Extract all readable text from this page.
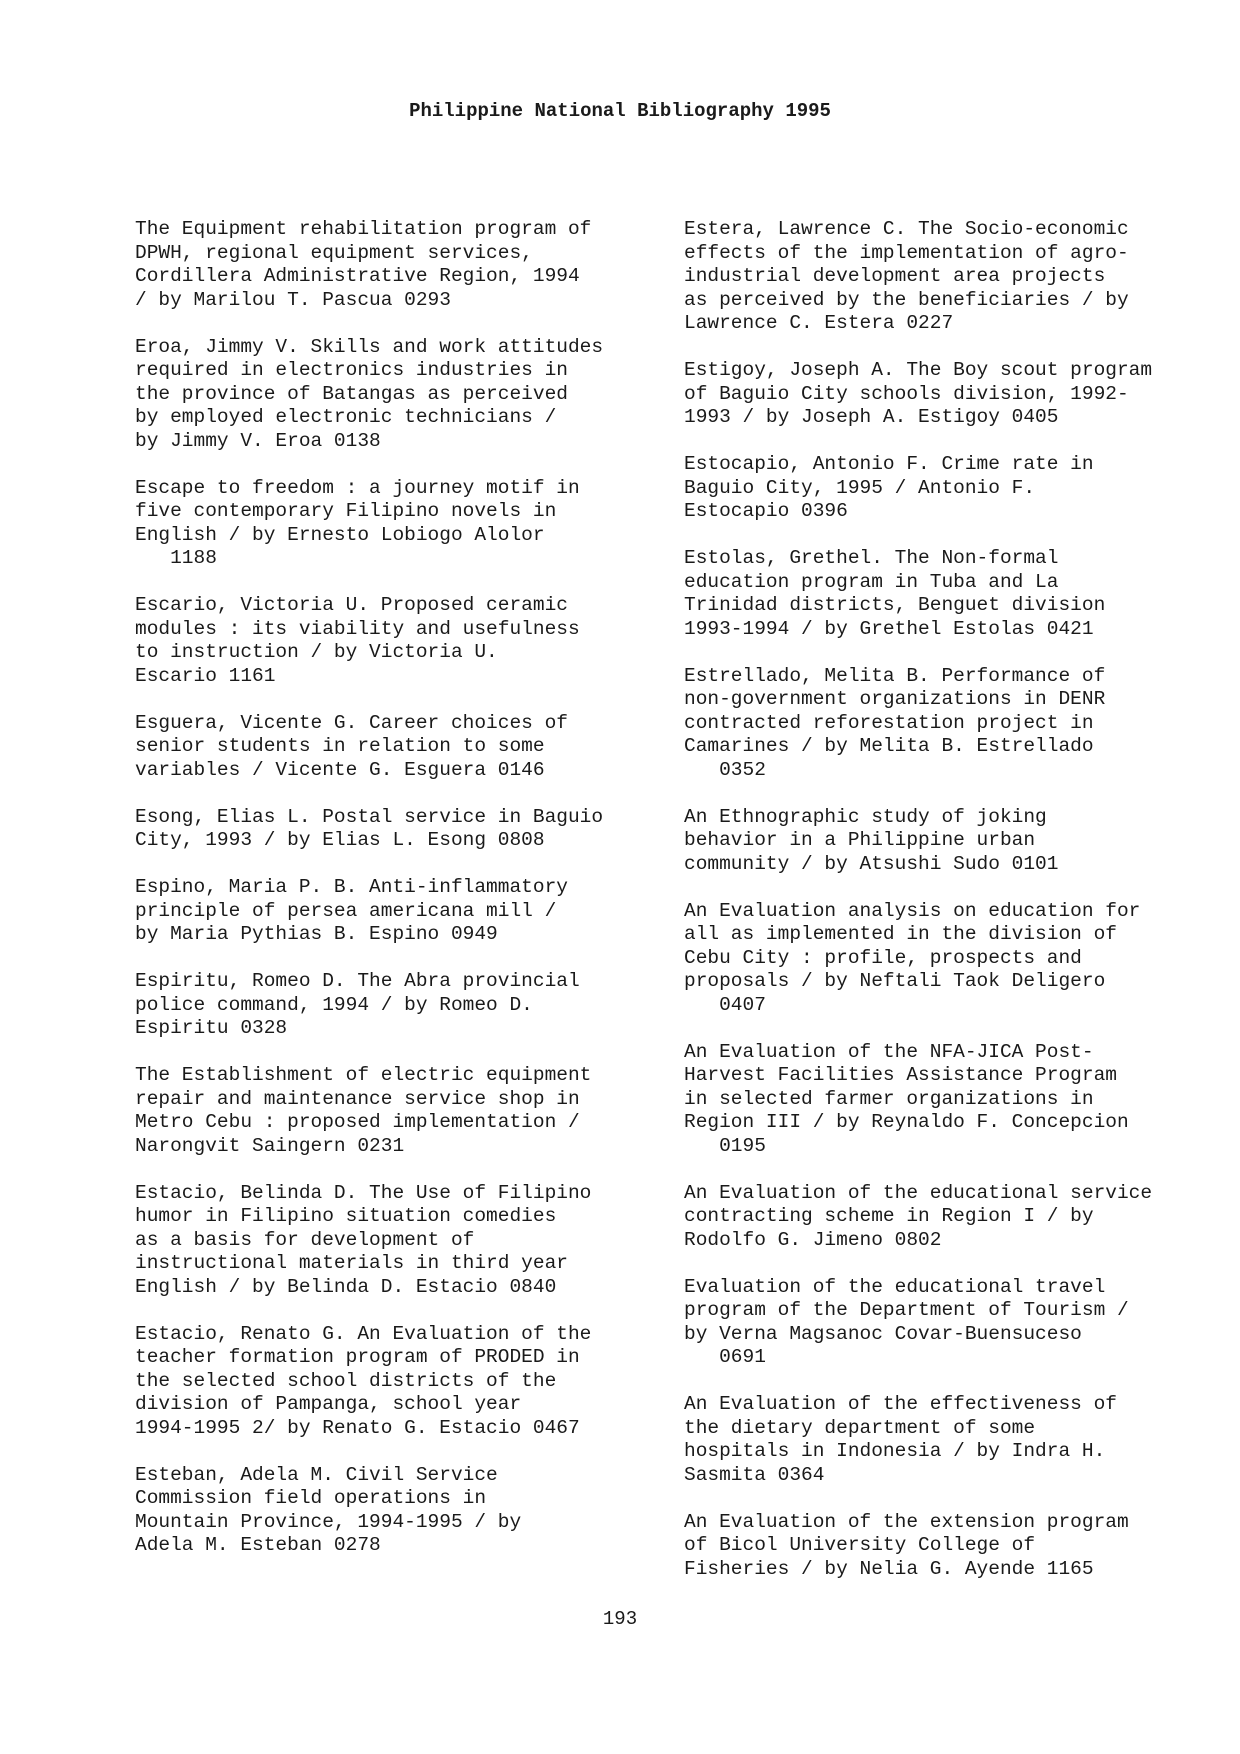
Philippine National Bibliography 1995
The Equipment rehabilitation program of
DPWH, regional equipment services,
Cordillera Administrative Region, 1994
/ by Marilou T. Pascua 0293
Eroa, Jimmy V. Skills and work attitudes
required in electronics industries in
the province of Batangas as perceived
by employed electronic technicians /
by Jimmy V. Eroa 0138
Escape to freedom : a journey motif in
five contemporary Filipino novels in
English / by Ernesto Lobiogo Alolor
1188
Escario, Victoria U. Proposed ceramic
modules : its viability and usefulness
to instruction / by Victoria U.
Escario 1161
Esguera, Vicente G. Career choices of
senior students in relation to some
variables / Vicente G. Esguera 0146
Esong, Elias L. Postal service in Baguio
City, 1993 / by Elias L. Esong 0808
Espino, Maria P. B. Anti-inflammatory
principle of persea americana mill /
by Maria Pythias B. Espino 0949
Espiritu, Romeo D. The Abra provincial
police command, 1994 / by Romeo D.
Espiritu 0328
The Establishment of electric equipment
repair and maintenance service shop in
Metro Cebu : proposed implementation /
Narongvit Saingern 0231
Estacio, Belinda D. The Use of Filipino
humor in Filipino situation comedies
as a basis for development of
instructional materials in third year
English / by Belinda D. Estacio 0840
Estacio, Renato G. An Evaluation of the
teacher formation program of PRODED in
the selected school districts of the
division of Pampanga, school year
1994-1995 2/ by Renato G. Estacio 0467
Esteban, Adela M. Civil Service
Commission field operations in
Mountain Province, 1994-1995 / by
Adela M. Esteban 0278
Estera, Lawrence C. The Socio-economic
effects of the implementation of agro-
industrial development area projects
as perceived by the beneficiaries / by
Lawrence C. Estera 0227
Estigoy, Joseph A. The Boy scout program
of Baguio City schools division, 1992-
1993 / by Joseph A. Estigoy 0405
Estocapio, Antonio F. Crime rate in
Baguio City, 1995 / Antonio F.
Estocapio 0396
Estolas, Grethel. The Non-formal
education program in Tuba and La
Trinidad districts, Benguet division
1993-1994 / by Grethel Estolas 0421
Estrellado, Melita B. Performance of
non-government organizations in DENR
contracted reforestation project in
Camarines / by Melita B. Estrellado
0352
An Ethnographic study of joking
behavior in a Philippine urban
community / by Atsushi Sudo 0101
An Evaluation analysis on education for
all as implemented in the division of
Cebu City : profile, prospects and
proposals / by Neftali Taok Deligero
0407
An Evaluation of the NFA-JICA Post-
Harvest Facilities Assistance Program
in selected farmer organizations in
Region III / by Reynaldo F. Concepcion
0195
An Evaluation of the educational service
contracting scheme in Region I / by
Rodolfo G. Jimeno 0802
Evaluation of the educational travel
program of the Department of Tourism /
by Verna Magsanoc Covar-Buensuceso
0691
An Evaluation of the effectiveness of
the dietary department of some
hospitals in Indonesia / by Indra H.
Sasmita 0364
An Evaluation of the extension program
of Bicol University College of
Fisheries / by Nelia G. Ayende 1165
193
